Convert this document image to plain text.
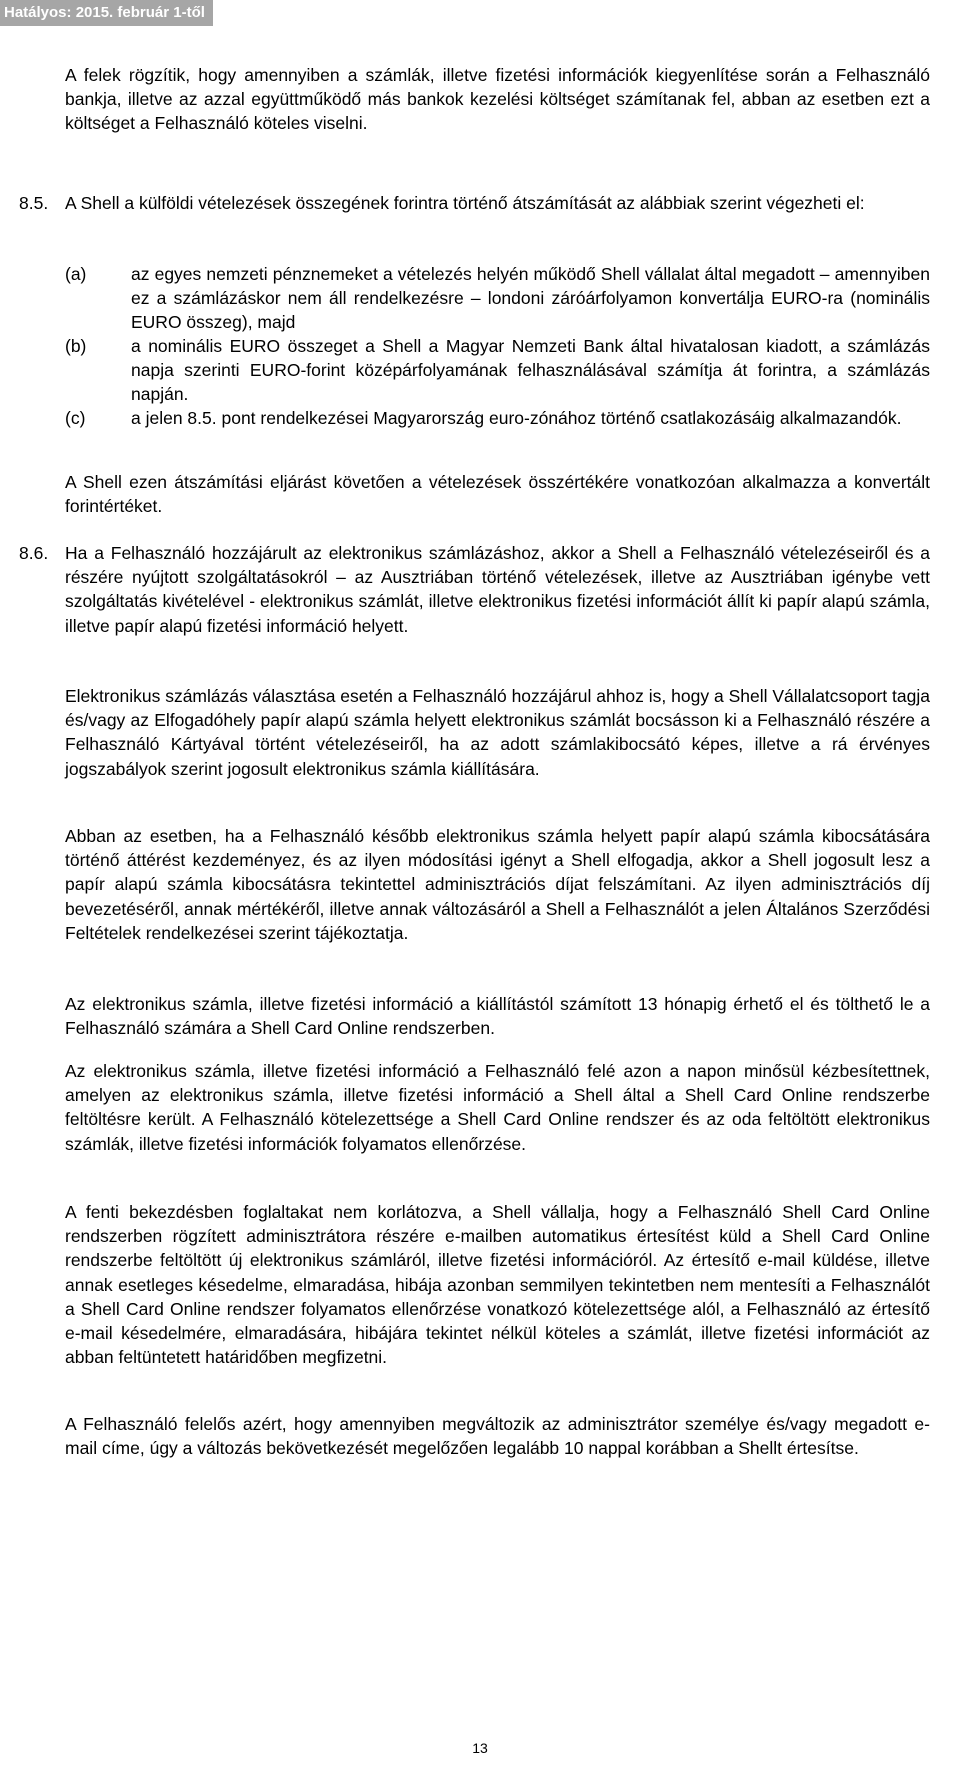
Hatályos: 2015. február 1-től
A felek rögzítik, hogy amennyiben a számlák, illetve fizetési információk kiegyenlítése során a Felhasználó bankja, illetve az azzal együttműködő más bankok kezelési költséget számítanak fel, abban az esetben ezt a költséget a Felhasználó köteles viselni.
8.5. A Shell a külföldi vételezések összegének forintra történő átszámítását az alábbiak szerint végezheti el:
(a)	az egyes nemzeti pénznemeket a vételezés helyén működő Shell vállalat által megadott – amennyiben ez a számlázáskor nem áll rendelkezésre – londoni záróárfolyamon konvertálja EURO-ra (nominális EURO összeg), majd
(b)	a nominális EURO összeget a Shell a Magyar Nemzeti Bank által hivatalosan kiadott, a számlázás napja szerinti EURO-forint középárfolyamának felhasználásával számítja át forintra, a számlázás napján.
(c)	a jelen 8.5. pont rendelkezései Magyarország euro-zónához történő csatlakozásáig alkalmazandók.
A Shell ezen átszámítási eljárást követően a vételezések összértékére vonatkozóan alkalmazza a konvertált forintértéket.
8.6. Ha a Felhasználó hozzájárult az elektronikus számlázáshoz, akkor a Shell a Felhasználó vételezéseiről és a részére nyújtott szolgáltatásokról – az Ausztriában történő vételezések, illetve az Ausztriában igénybe vett szolgáltatás kivételével - elektronikus számlát, illetve elektronikus fizetési információt állít ki papír alapú számla, illetve papír alapú fizetési információ helyett.
Elektronikus számlázás választása esetén a Felhasználó hozzájárul ahhoz is, hogy a Shell Vállalatcsoport tagja és/vagy az Elfogadóhely papír alapú számla helyett elektronikus számlát bocsásson ki a Felhasználó részére a Felhasználó Kártyával történt vételezéseiről, ha az adott számlakibocsátó képes, illetve a rá érvényes jogszabályok szerint jogosult elektronikus számla kiállítására.
Abban az esetben, ha a Felhasználó később elektronikus számla helyett papír alapú számla kibocsátására történő áttérést kezdeményez, és az ilyen módosítási igényt a Shell elfogadja, akkor a Shell jogosult lesz a papír alapú számla kibocsátásra tekintettel adminisztrációs díjat felszámítani. Az ilyen adminisztrációs díj bevezetéséről, annak mértékéről, illetve annak változásáról a Shell a Felhasználót a jelen Általános Szerződési Feltételek rendelkezései szerint tájékoztatja.
Az elektronikus számla, illetve fizetési információ a kiállítástól számított 13 hónapig érhető el és tölthető le a Felhasználó számára a Shell Card Online rendszerben.
Az elektronikus számla, illetve fizetési információ a Felhasználó felé azon a napon minősül kézbesítettnek, amelyen az elektronikus számla, illetve fizetési információ a Shell által a Shell Card Online rendszerbe feltöltésre került. A Felhasználó kötelezettsége a Shell Card Online rendszer és az oda feltöltött elektronikus számlák, illetve fizetési információk folyamatos ellenőrzése.
A fenti bekezdésben foglaltakat nem korlátozva, a Shell vállalja, hogy a Felhasználó Shell Card Online rendszerben rögzített adminisztrátora részére e-mailben automatikus értesítést küld a Shell Card Online rendszerbe feltöltött új elektronikus számláról, illetve fizetési információról. Az értesítő e-mail küldése, illetve annak esetleges késedelme, elmaradása, hibája azonban semmilyen tekintetben nem mentesíti a Felhasználót a Shell Card Online rendszer folyamatos ellenőrzése vonatkozó kötelezettsége alól, a Felhasználó az értesítő e-mail késedelmére, elmaradására, hibájára tekintet nélkül köteles a számlát, illetve fizetési információt az abban feltüntetett határidőben megfizetni.
A Felhasználó felelős azért, hogy amennyiben megváltozik az adminisztrátor személye és/vagy megadott e-mail címe, úgy a változás bekövetkezését megelőzően legalább 10 nappal korábban a Shellt értesítse.
13
